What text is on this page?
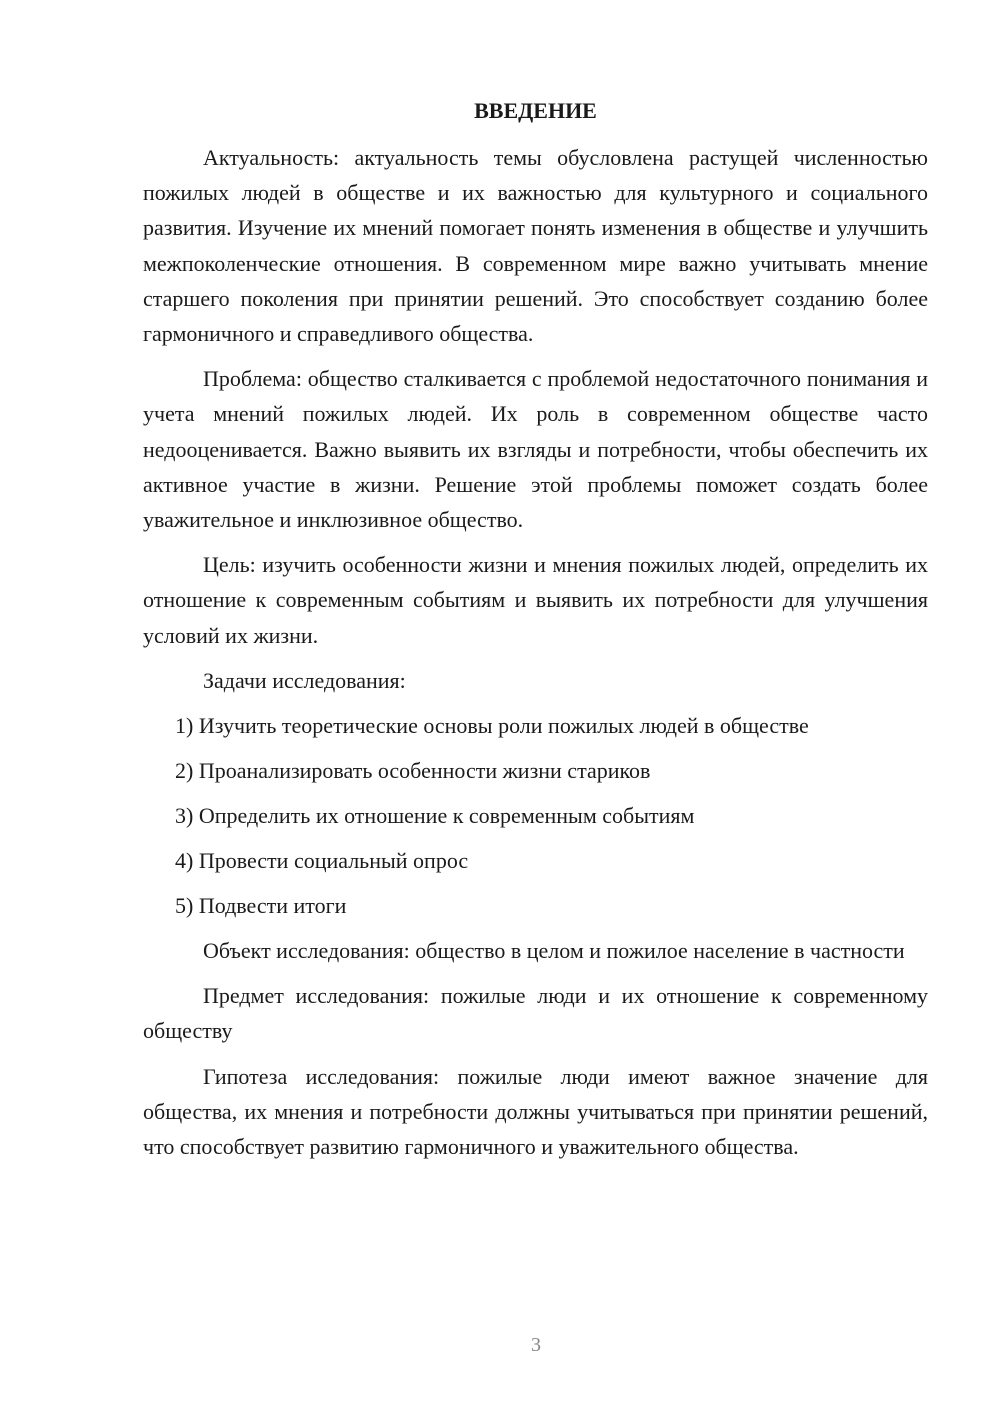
ВВЕДЕНИЕ

Актуальность: актуальность темы обусловлена растущей численностью пожилых людей в обществе и их важностью для культурного и социального развития. Изучение их мнений помогает понять изменения в обществе и улучшить межпоколенческие отношения. В современном мире важно учитывать мнение старшего поколения при принятии решений. Это способствует созданию более гармоничного и справедливого общества.

Проблема: общество сталкивается с проблемой недостаточного понимания и учета мнений пожилых людей. Их роль в современном обществе часто недооценивается. Важно выявить их взгляды и потребности, чтобы обеспечить их активное участие в жизни. Решение этой проблемы поможет создать более уважительное и инклюзивное общество.

Цель: изучить особенности жизни и мнения пожилых людей, определить их отношение к современным событиям и выявить их потребности для улучшения условий их жизни.

Задачи исследования:

1) Изучить теоретические основы роли пожилых людей в обществе
2) Проанализировать особенности жизни стариков
3) Определить их отношение к современным событиям
4) Провести социальный опрос
5) Подвести итоги

Объект исследования: общество в целом и пожилое население в частности

Предмет исследования: пожилые люди и их отношение к современному обществу

Гипотеза исследования: пожилые люди имеют важное значение для общества, их мнения и потребности должны учитываться при принятии решений, что способствует развитию гармоничного и уважительного общества.

3
